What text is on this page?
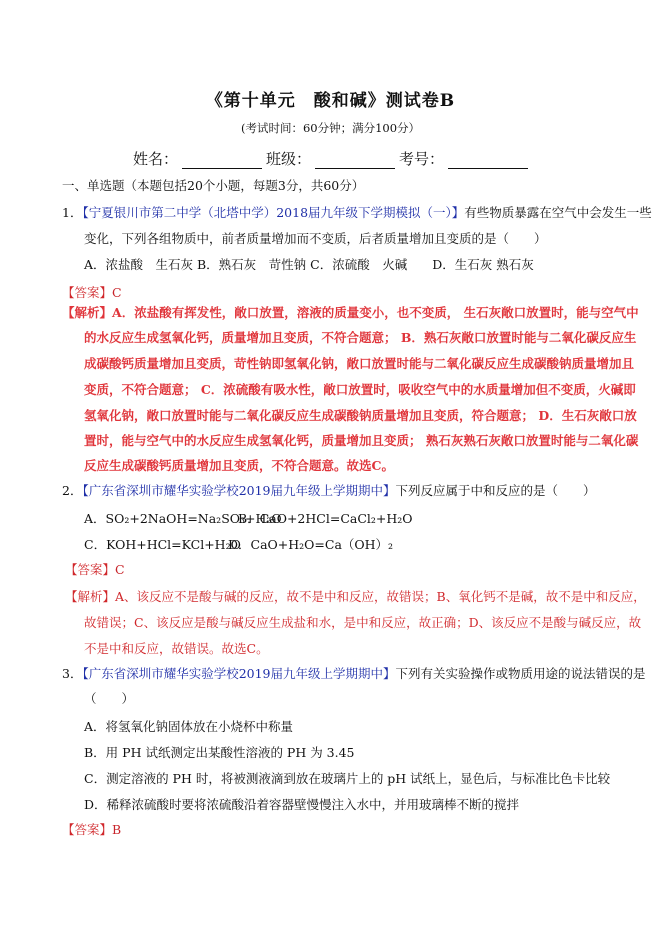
《第十单元　酸和碱》测试卷B
(考试时间：60分钟；满分100分）
姓名：	班级：	考号：
一、单选题（本题包括20个小题，每题3分，共60分）
1．【宁夏银川市第二中学（北塔中学）2018届九年级下学期模拟（一）】有些物质暴露在空气中会发生一些
变化，下列各组物质中，前者质量增加而不变质，后者质量增加且变质的是（　　）
A．浓盐酸　生石灰 B．熟石灰　苛性钠 C．浓硫酸　火碱　　D．生石灰 熟石灰
【答案】C
【解析】A．浓盐酸有挥发性，敞口放置，溶液的质量变小，也不变质， 生石灰敞口放置时，能与空气中
的水反应生成氢氧化钙，质量增加且变质，不符合题意； B．熟石灰敞口放置时能与二氧化碳反应生
成碳酸钙质量增加且变质，苛性钠即氢氧化钠，敞口放置时能与二氧化碳反应生成碳酸钠质量增加且
变质，不符合题意； C．浓硫酸有吸水性，敞口放置时，吸收空气中的水质量增加但不变质，火碱即
氢氧化钠，敞口放置时能与二氧化碳反应生成碳酸钠质量增加且变质，符合题意； D．生石灰敞口放
置时，能与空气中的水反应生成氢氧化钙，质量增加且变质； 熟石灰熟石灰敞口放置时能与二氧化碳
反应生成碳酸钙质量增加且变质，不符合题意。故选C。
2．【广东省深圳市耀华实验学校2019届九年级上学期期中】下列反应属于中和反应的是（　　）
A．SO₂+2NaOH=Na₂SO₃+H₂O
B．CaO+2HCl=CaCl₂+H₂O
C．KOH+HCl=KCl+H₂O
D．CaO+H₂O=Ca（OH）₂
【答案】C
【解析】A、该反应不是酸与碱的反应，故不是中和反应，故错误；B、氧化钙不是碱，故不是中和反应，
故错误；C、该反应是酸与碱反应生成盐和水，是中和反应，故正确；D、该反应不是酸与碱反应，故
不是中和反应，故错误。故选C。
3．【广东省深圳市耀华实验学校2019届九年级上学期期中】下列有关实验操作或物质用途的说法错误的是
（　　）
A．将氢氧化钠固体放在小烧杯中称量
B．用 PH 试纸测定出某酸性溶液的 PH 为 3.45
C．测定溶液的 PH 时，将被测液滴到放在玻璃片上的 pH 试纸上，显色后，与标准比色卡比较
D．稀释浓硫酸时要将浓硫酸沿着容器壁慢慢注入水中，并用玻璃棒不断的搅拌
【答案】B
